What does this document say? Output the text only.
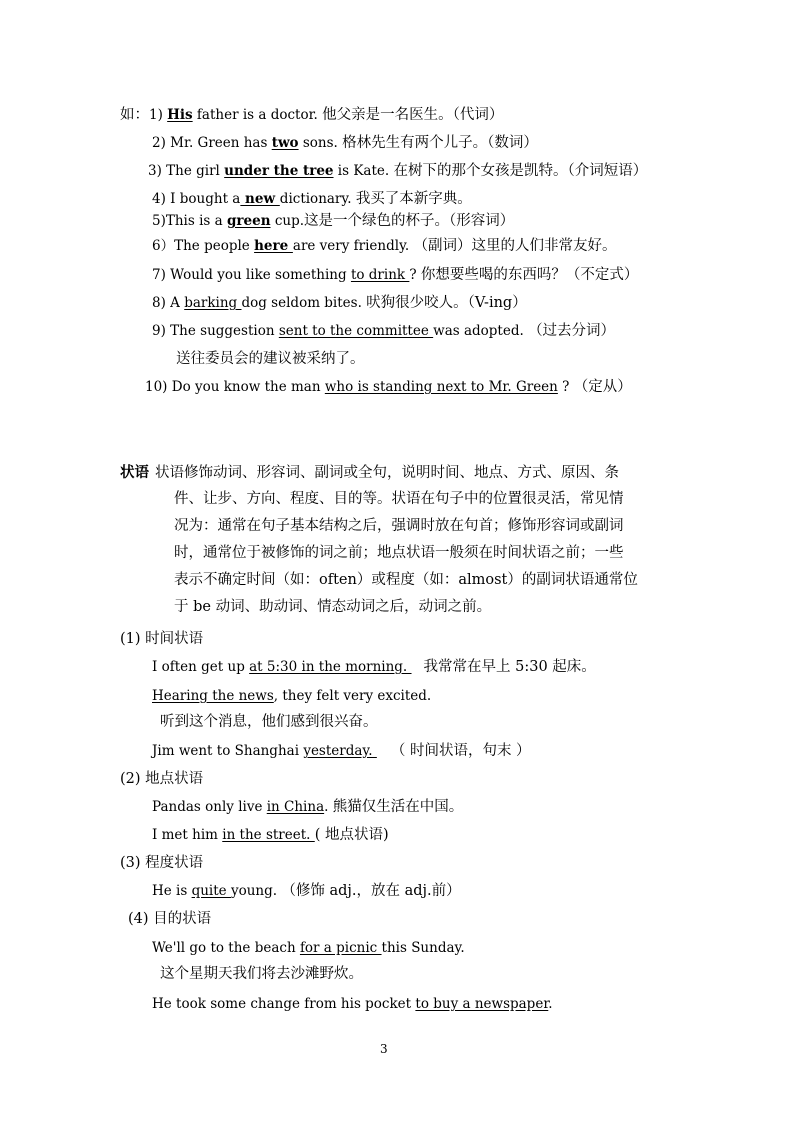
如：1) His father is a doctor. 他父亲是一名医生。（代词）
2) Mr. Green has two sons. 格林先生有两个儿子。（数词）
3) The girl under the tree is Kate. 在树下的那个女孩是凯特。（介词短语）
4) I bought a new dictionary. 我买了本新字典。
5)This is a green cup.这是一个绿色的杯子。（形容词）
6）The people here are very friendly. （副词）这里的人们非常友好。
7) Would you like something to drink ? 你想要些喝的东西吗？（不定式）
8) A barking dog seldom bites. 吠狗很少咬人。（V-ing）
9) The suggestion sent to the committee was adopted. （过去分词）
送往委员会的建议被采纳了。
10) Do you know the man who is standing next to Mr. Green ? （定从）
状语 状语修饰动词、形容词、副词或全句，说明时间、地点、方式、原因、条
件、让步、方向、程度、目的等。状语在句子中的位置很灵活，常见情
况为：通常在句子基本结构之后，强调时放在句首；修饰形容词或副词
时，通常位于被修饰的词之前；地点状语一般须在时间状语之前；一些
表示不确定时间（如：often）或程度（如：almost）的副词状语通常位
于 be 动词、助动词、情态动词之后，动词之前。
(1) 时间状语
I often get up at 5:30 in the morning. 我常常在早上 5:30 起床。
Hearing the news, they felt very excited.
听到这个消息，他们感到很兴奋。
Jim went to Shanghai yesterday. （ 时间状语，句末 ）
(2) 地点状语
Pandas only live in China. 熊猫仅生活在中国。
I met him in the street. ( 地点状语)
(3) 程度状语
He is quite young. （修饰 adj.，放在 adj.前）
(4) 目的状语
We'll go to the beach for a picnic this Sunday.
这个星期天我们将去沙滩野炊。
He took some change from his pocket to buy a newspaper.
3
